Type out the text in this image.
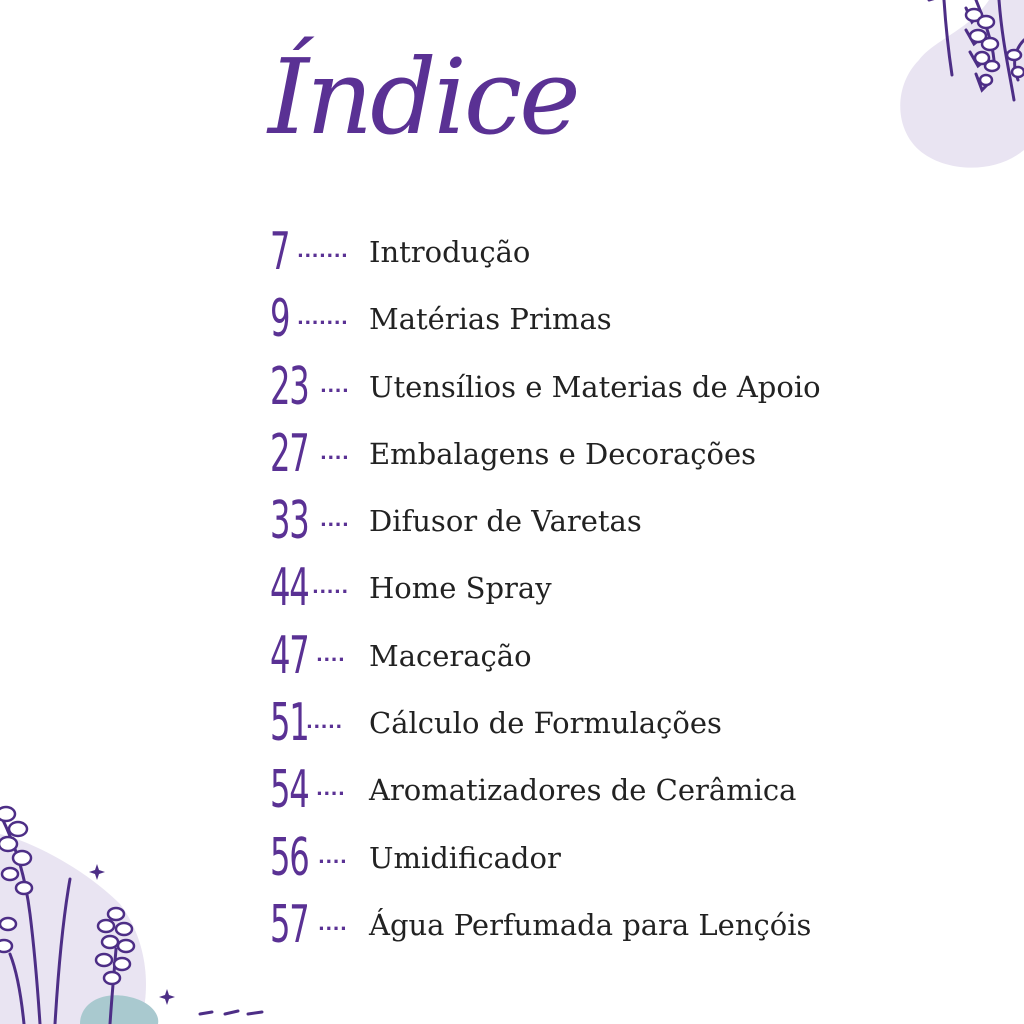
Índice
7 ....... Introdução
9 ....... Matérias Primas
23 .... Utensílios e Materias de Apoio
27 .... Embalagens e Decorações
33 .... Difusor de Varetas
44 ..... Home Spray
47 .... Maceração
51
..... Cálculo de Formulações
54 .... Aromatizadores de Cerâmica
56 .... Umidificador
57 .... Água Perfumada para Lençóis
